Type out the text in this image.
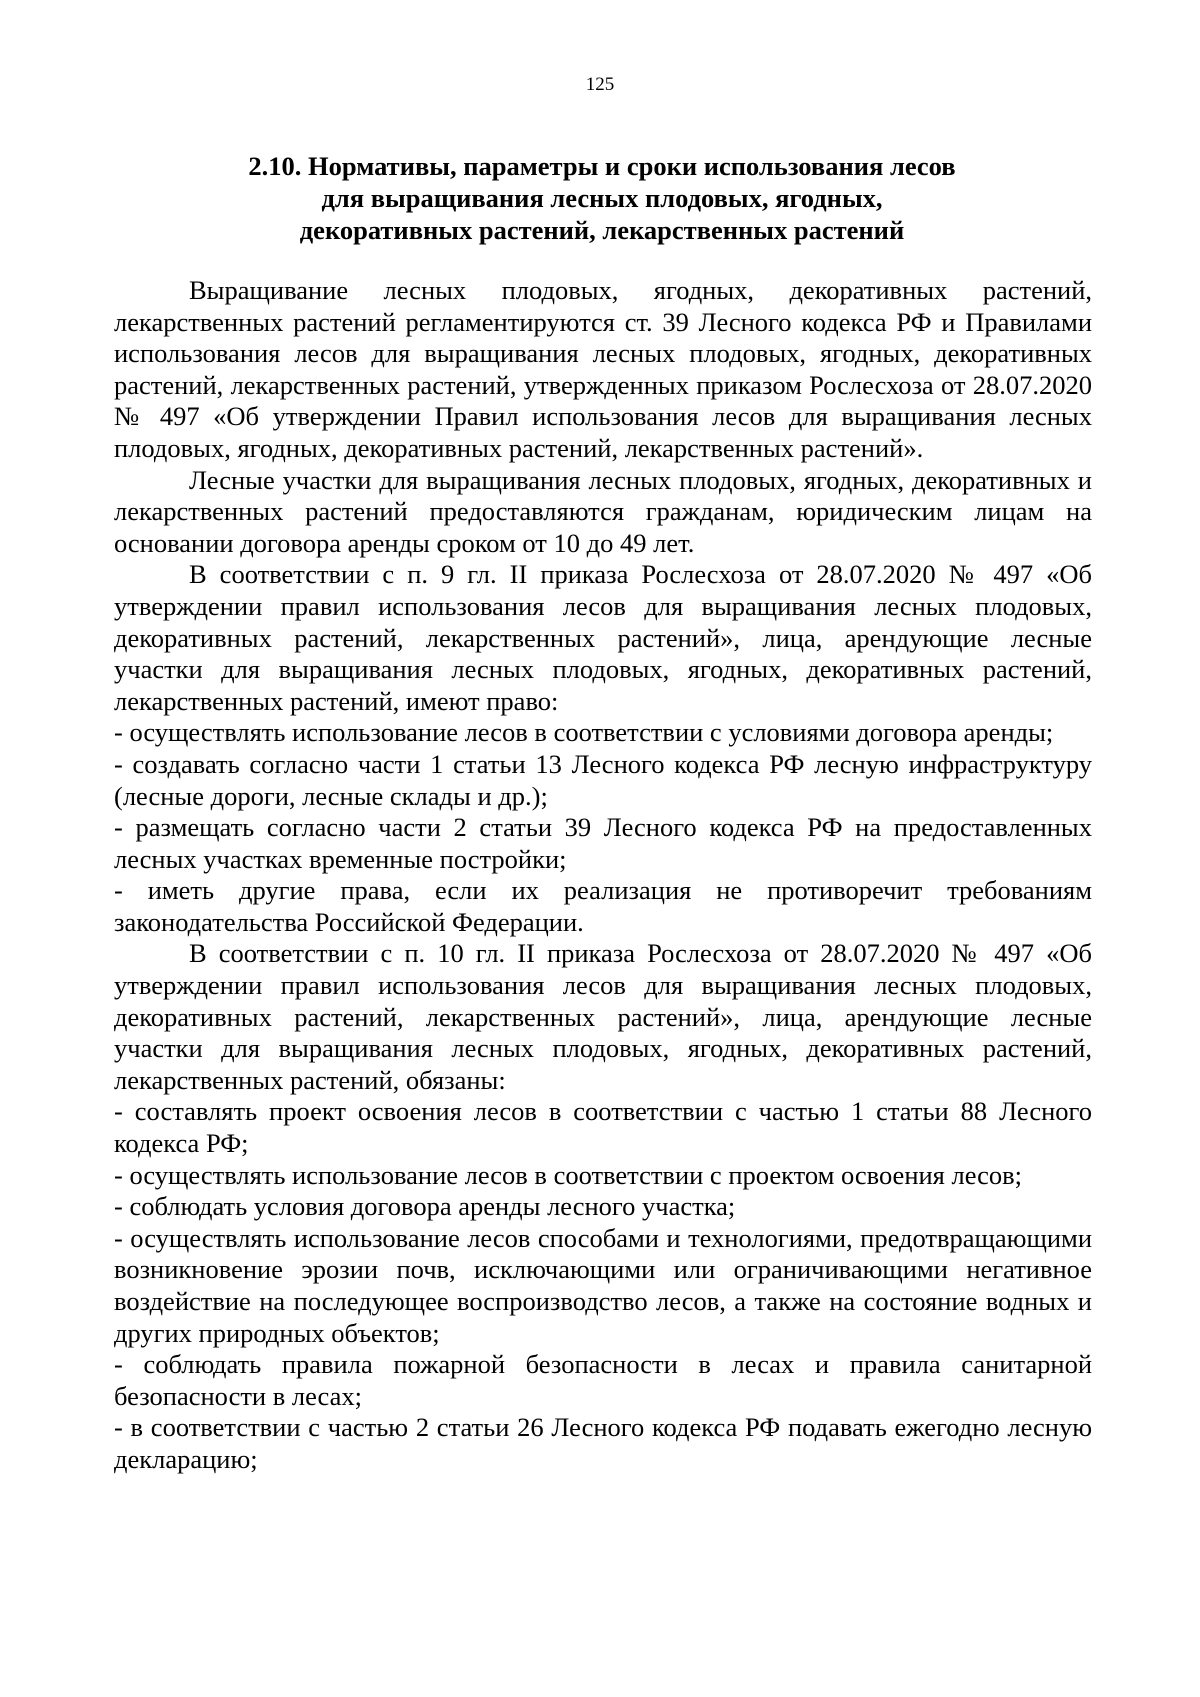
125
2.10. Нормативы, параметры и сроки использования лесов
для выращивания лесных плодовых, ягодных,
декоративных растений, лекарственных растений

Выращивание лесных плодовых, ягодных, декоративных растений, лекарственных растений регламентируются ст. 39 Лесного кодекса РФ и Правилами использования лесов для выращивания лесных плодовых, ягодных, декоративных растений, лекарственных растений, утвержденных приказом Рослесхоза от 28.07.2020 № 497 «Об утверждении Правил использования лесов для выращивания лесных плодовых, ягодных, декоративных растений, лекарственных растений».

Лесные участки для выращивания лесных плодовых, ягодных, декоративных и лекарственных растений предоставляются гражданам, юридическим лицам на основании договора аренды сроком от 10 до 49 лет.

В соответствии с п. 9 гл. II приказа Рослесхоза от 28.07.2020 № 497 «Об утверждении правил использования лесов для выращивания лесных плодовых, декоративных растений, лекарственных растений», лица, арендующие лесные участки для выращивания лесных плодовых, ягодных, декоративных растений, лекарственных растений, имеют право:

- осуществлять использование лесов в соответствии с условиями договора аренды;

- создавать согласно части 1 статьи 13 Лесного кодекса РФ лесную инфраструктуру (лесные дороги, лесные склады и др.);

- размещать согласно части 2 статьи 39 Лесного кодекса РФ на предоставленных лесных участках временные постройки;

- иметь другие права, если их реализация не противоречит требованиям законодательства Российской Федерации.

В соответствии с п. 10 гл. II приказа Рослесхоза от 28.07.2020 № 497 «Об утверждении правил использования лесов для выращивания лесных плодовых, декоративных растений, лекарственных растений», лица, арендующие лесные участки для выращивания лесных плодовых, ягодных, декоративных растений, лекарственных растений, обязаны:

- составлять проект освоения лесов в соответствии с частью 1 статьи 88 Лесного кодекса РФ;

- осуществлять использование лесов в соответствии с проектом освоения лесов;

- соблюдать условия договора аренды лесного участка;

- осуществлять использование лесов способами и технологиями, предотвращающими возникновение эрозии почв, исключающими или ограничивающими негативное воздействие на последующее воспроизводство лесов, а также на состояние водных и других природных объектов;

- соблюдать правила пожарной безопасности в лесах и правила санитарной безопасности в лесах;

- в соответствии с частью 2 статьи 26 Лесного кодекса РФ подавать ежегодно лесную декларацию;
